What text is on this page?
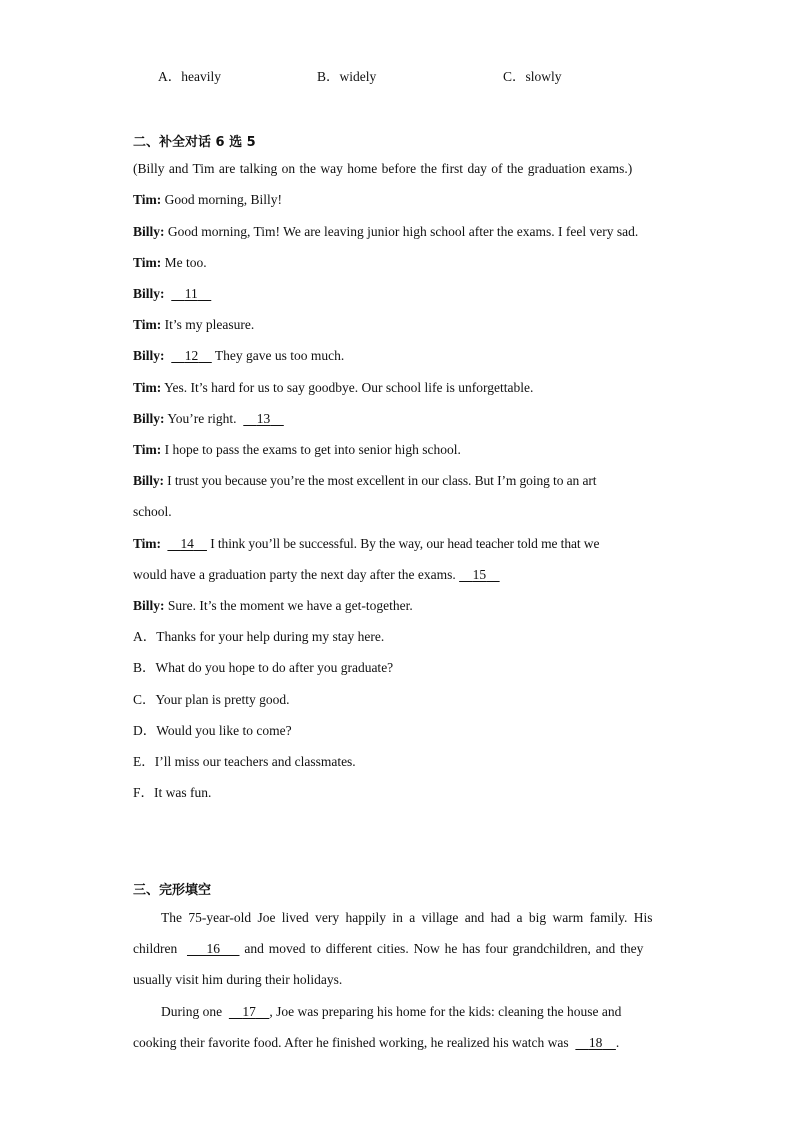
A．heavily	B．widely	C．slowly
二、补全对话 6 选 5
(Billy and Tim are talking on the way home before the first day of the graduation exams.)
Tim: Good morning, Billy!
Billy: Good morning, Tim! We are leaving junior high school after the exams. I feel very sad.
Tim: Me too.
Billy: 11
Tim: It’s my pleasure.
Billy: 12 They gave us too much.
Tim: Yes. It’s hard for us to say goodbye. Our school life is unforgettable.
Billy: You’re right.  13
Tim: I hope to pass the exams to get into senior high school.
Billy: I trust you because you’re the most excellent in our class. But I’m going to an art
school.
Tim: 14 I think you’ll be successful. By the way, our head teacher told me that we
would have a graduation party the next day after the exams. 15
Billy: Sure. It’s the moment we have a get-together.
A．Thanks for your help during my stay here.
B．What do you hope to do after you graduate?
C．Your plan is pretty good.
D．Would you like to come?
E．I’ll miss our teachers and classmates.
F．It was fun.
三、完形填空
The 75-year-old Joe lived very happily in a village and had a big warm family. His
children  16 and moved to different cities. Now he has four grandchildren, and they
usually visit him during their holidays.
During one  17 , Joe was preparing his home for the kids: cleaning the house and
cooking their favorite food. After he finished working, he realized his watch was  18 .
